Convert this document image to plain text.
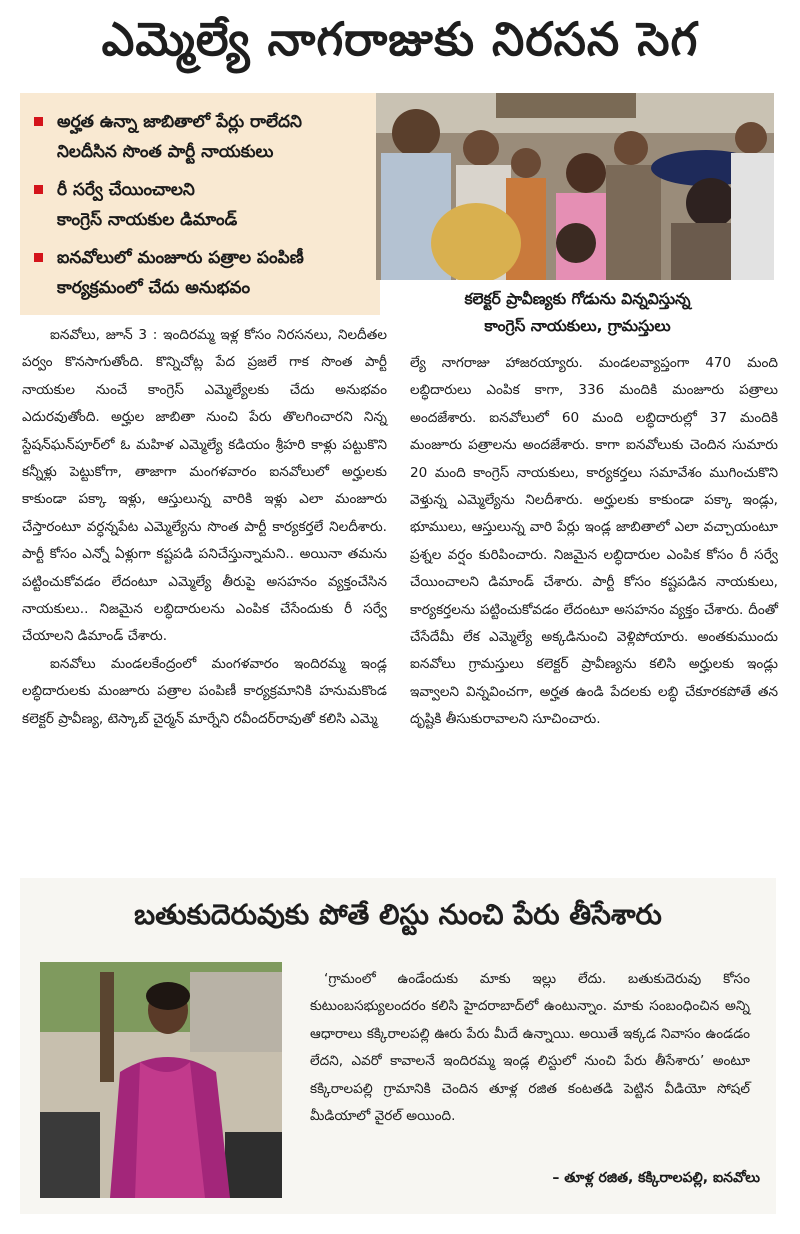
ఎమ్మెల్యే నాగరాజుకు నిరసన సెగ
అర్హత ఉన్నా జాబితాలో పేర్లు రాలేదని
నిలదీసిన సొంత పార్టీ నాయకులు
రీ సర్వే చేయించాలని
కాంగ్రెస్ నాయకుల డిమాండ్
ఐనవోలులో మంజూరు పత్రాల పంపిణీ
కార్యక్రమంలో చేదు అనుభవం
కలెక్టర్ ప్రావీణ్యకు గోడును విన్నవిస్తున్న
కాంగ్రెస్ నాయకులు, గ్రామస్తులు

ఐనవోలు, జూన్ 3 : ఇందిరమ్మ ఇళ్ల కోసం నిరసనలు, నిలదీతల పర్వం కొనసాగుతోంది. కొన్నిచోట్ల పేద ప్రజలే గాక సొంత పార్టీ నాయకుల నుంచే కాంగ్రెస్ ఎమ్మెల్యేలకు చేదు అనుభవం ఎదురవుతోంది. అర్హుల జాబితా నుంచి పేరు తొలగించారని నిన్న స్టేషన్‌ఘన్‌పూర్‌లో ఓ మహిళ ఎమ్మెల్యే కడియం శ్రీహరి కాళ్లు పట్టుకొని కన్నీళ్లు పెట్టుకోగా, తాజాగా మంగళవారం ఐనవోలులో అర్హులకు కాకుండా పక్కా ఇళ్లు, ఆస్తులున్న వారికి ఇళ్లు ఎలా మంజూరు చేస్తారంటూ వర్ధన్నపేట ఎమ్మెల్యేను సొంత పార్టీ కార్యకర్తలే నిలదీశారు. పార్టీ కోసం ఎన్నో ఏళ్లుగా కష్టపడి పనిచేస్తున్నామని.. అయినా తమను పట్టించుకోవడం లేదంటూ ఎమ్మెల్యే తీరుపై అసహనం వ్యక్తంచేసిన నాయకులు.. నిజమైన లబ్ధిదారులను ఎంపిక చేసేందుకు రీ సర్వే చేయాలని డిమాండ్ చేశారు.

ఐనవోలు మండలకేంద్రంలో మంగళవారం ఇందిరమ్మ ఇండ్ల లబ్ధిదారులకు మంజూరు పత్రాల పంపిణీ కార్యక్రమానికి హనుమకొండ కలెక్టర్ ప్రావీణ్య, టెస్కాబ్ చైర్మన్ మార్నేని రవీందర్‌రావుతో కలిసి ఎమ్మె

ల్యే నాగరాజు హాజరయ్యారు. మండలవ్యాప్తంగా 470 మంది లబ్ధిదారులు ఎంపిక కాగా, 336 మందికి మంజూరు పత్రాలు అందజేశారు. ఐనవోలులో 60 మంది లబ్ధిదారుల్లో 37 మందికి మంజూరు పత్రాలను అందజేశారు. కాగా ఐనవోలుకు చెందిన సుమారు 20 మంది కాంగ్రెస్ నాయకులు, కార్యకర్తలు సమావేశం ముగించుకొని వెళ్తున్న ఎమ్మెల్యేను నిలదీశారు. అర్హులకు కాకుండా పక్కా ఇండ్లు, భూములు, ఆస్తులున్న వారి పేర్లు ఇండ్ల జాబితాలో ఎలా వచ్చాయంటూ ప్రశ్నల వర్షం కురిపించారు. నిజమైన లబ్ధిదారుల ఎంపిక కోసం రీ సర్వే చేయించాలని డిమాండ్ చేశారు. పార్టీ కోసం కష్టపడిన నాయకులు, కార్యకర్తలను పట్టించుకోవడం లేదంటూ అసహనం వ్యక్తం చేశారు. దీంతో చేసేదేమీ లేక ఎమ్మెల్యే అక్కడినుంచి వెళ్లిపోయారు. అంతకుముందు ఐనవోలు గ్రామస్తులు కలెక్టర్ ప్రావీణ్యను కలిసి అర్హులకు ఇండ్లు ఇవ్వాలని విన్నవించగా, అర్హత ఉండి పేదలకు లబ్ధి చేకూరకపోతే తన దృష్టికి తీసుకురావాలని సూచించారు.

బతుకుదెరువుకు పోతే లిస్టు నుంచి పేరు తీసేశారు

‘గ్రామంలో ఉండేందుకు మాకు ఇల్లు లేదు. బతుకుదెరువు కోసం కుటుంబసభ్యులందరం కలిసి హైదరాబాద్‌లో ఉంటున్నాం. మాకు సంబంధించిన అన్ని ఆధారాలు కక్కిరాలపల్లి ఊరు పేరు మీదే ఉన్నాయి. అయితే ఇక్కడ నివాసం ఉండడం లేదని, ఎవరో కావాలనే ఇందిరమ్మ ఇండ్ల లిస్టులో నుంచి పేరు తీసేశారు’ అంటూ కక్కిరాలపల్లి గ్రామానికి చెందిన తూళ్ల రజిత కంటతడి పెట్టిన వీడియో సోషల్ మీడియాలో వైరల్ అయింది.

– తూళ్ల రజిత, కక్కిరాలపల్లి, ఐనవోలు
